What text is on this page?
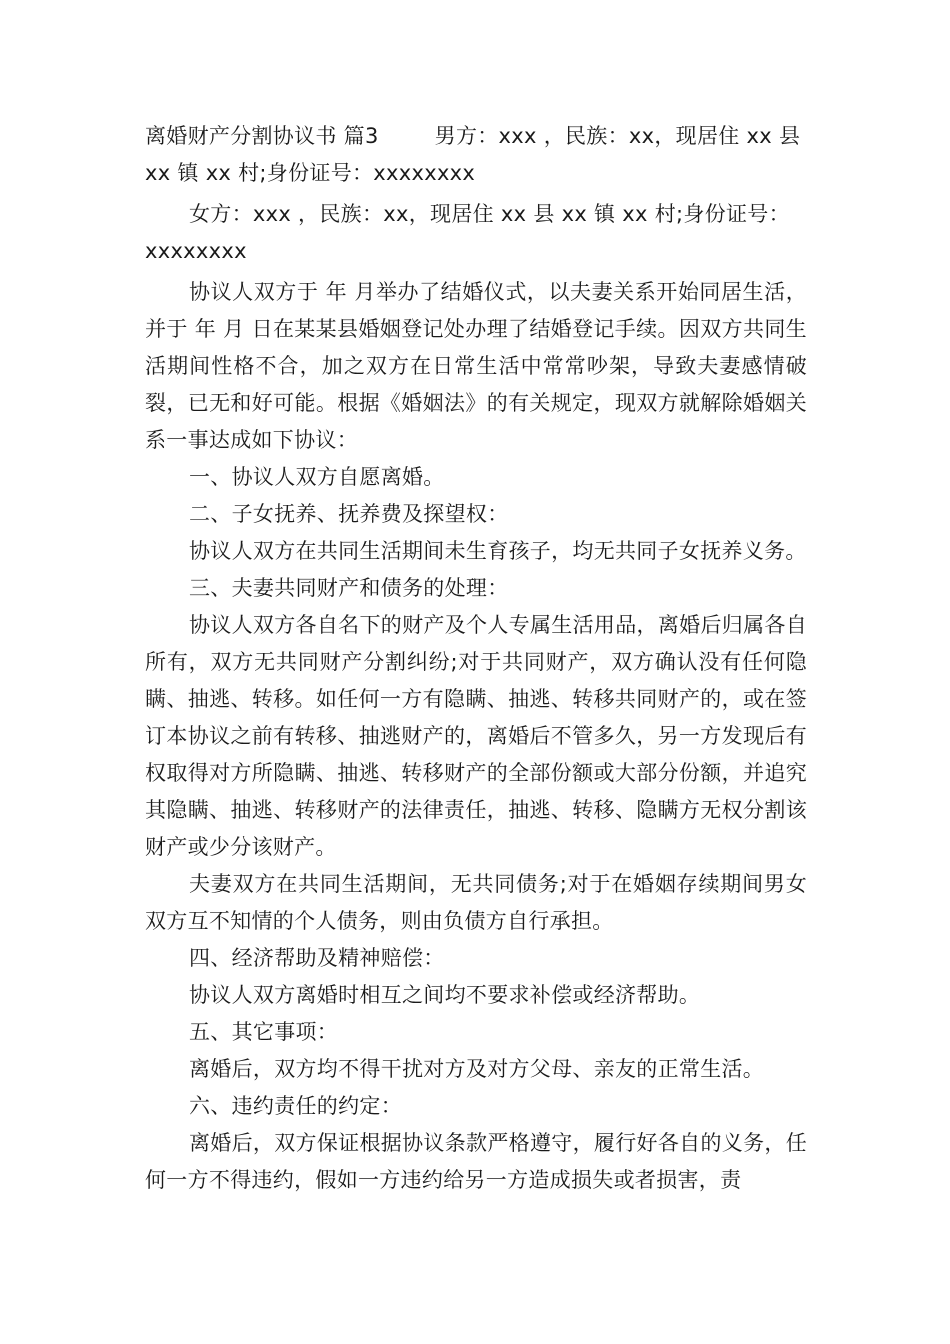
离婚财产分割协议书 篇3	男方：xxx ，民族：xx，现居住 xx 县

xx 镇 xx 村;身份证号：xxxxxxxx

女方：xxx ，民族：xx，现居住 xx 县 xx 镇 xx 村;身份证号：

xxxxxxxx

协议人双方于 年 月举办了结婚仪式，以夫妻关系开始同居生活，并于 年 月 日在某某县婚姻登记处办理了结婚登记手续。因双方共同生活期间性格不合，加之双方在日常生活中常常吵架，导致夫妻感情破裂，已无和好可能。根据《婚姻法》的有关规定，现双方就解除婚姻关系一事达成如下协议：

一、协议人双方自愿离婚。

二、子女抚养、抚养费及探望权：

协议人双方在共同生活期间未生育孩子，均无共同子女抚养义务。

三、夫妻共同财产和债务的处理：

协议人双方各自名下的财产及个人专属生活用品，离婚后归属各自所有，双方无共同财产分割纠纷;对于共同财产，双方确认没有任何隐瞒、抽逃、转移。如任何一方有隐瞒、抽逃、转移共同财产的，或在签订本协议之前有转移、抽逃财产的，离婚后不管多久，另一方发现后有权取得对方所隐瞒、抽逃、转移财产的全部份额或大部分份额，并追究其隐瞒、抽逃、转移财产的法律责任，抽逃、转移、隐瞒方无权分割该财产或少分该财产。

夫妻双方在共同生活期间，无共同债务;对于在婚姻存续期间男女双方互不知情的个人债务，则由负债方自行承担。

四、经济帮助及精神赔偿：

协议人双方离婚时相互之间均不要求补偿或经济帮助。

五、其它事项：

离婚后，双方均不得干扰对方及对方父母、亲友的正常生活。

六、违约责任的约定：

离婚后，双方保证根据协议条款严格遵守，履行好各自的义务，任何一方不得违约，假如一方违约给另一方造成损失或者损害，责
